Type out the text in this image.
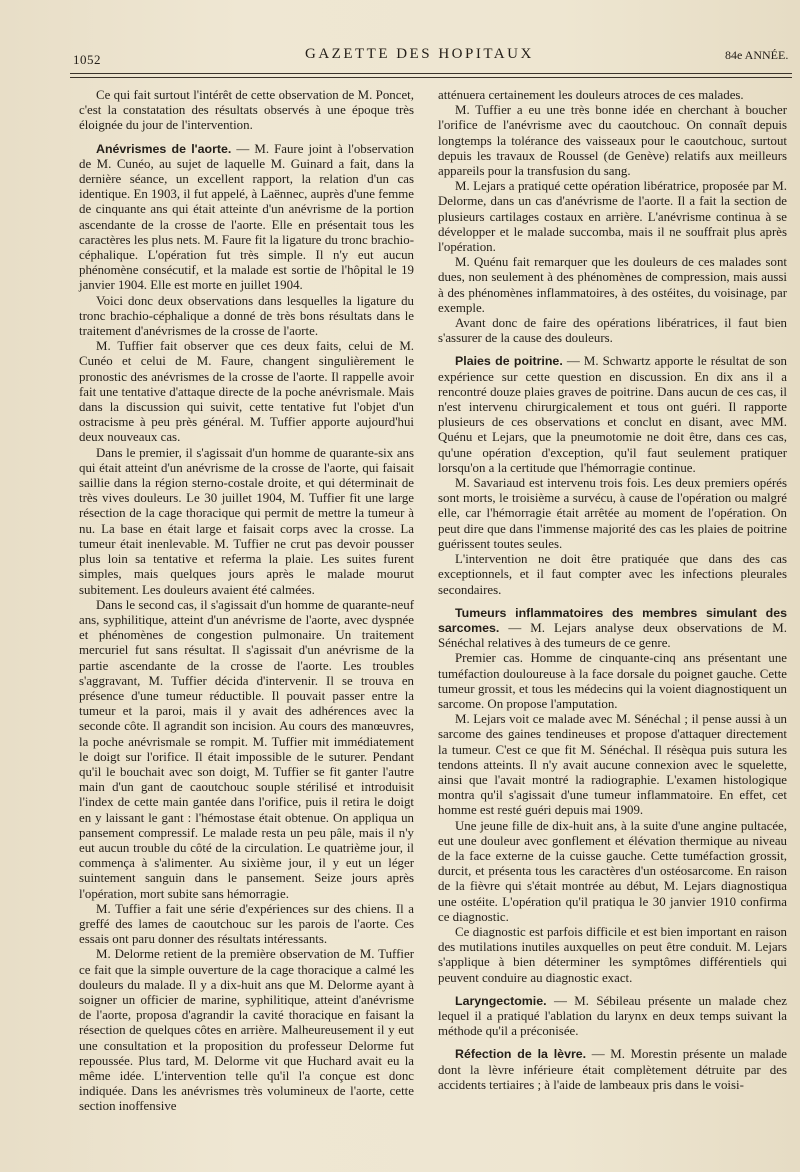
1052	GAZETTE DES HOPITAUX	84e ANNÉE.

Ce qui fait surtout l'intérêt de cette observation de M. Poncet, c'est la constatation des résultats observés à une époque très éloignée du jour de l'intervention.

Anévrismes de l'aorte. — M. Faure joint à l'observation de M. Cunéo, au sujet de laquelle M. Guinard a fait, dans la dernière séance, un excellent rapport, la relation d'un cas identique. En 1903, il fut appelé, à Laënnec, auprès d'une femme de cinquante ans qui était atteinte d'un anévrisme de la portion ascendante de la crosse de l'aorte. Elle en présentait tous les caractères les plus nets. M. Faure fit la ligature du tronc brachio-céphalique. L'opération fut très simple. Il n'y eut aucun phénomène consécutif, et la malade est sortie de l'hôpital le 19 janvier 1904. Elle est morte en juillet 1904.

Voici donc deux observations dans lesquelles la ligature du tronc brachio-céphalique a donné de très bons résultats dans le traitement d'anévrismes de la crosse de l'aorte.

M. Tuffier fait observer que ces deux faits, celui de M. Cunéo et celui de M. Faure, changent singulièrement le pronostic des anévrismes de la crosse de l'aorte. Il rappelle avoir fait une tentative d'attaque directe de la poche anévrismale. Mais dans la discussion qui suivit, cette tentative fut l'objet d'un ostracisme à peu près général. M. Tuffier apporte aujourd'hui deux nouveaux cas.

Dans le premier, il s'agissait d'un homme de quarante-six ans qui était atteint d'un anévrisme de la crosse de l'aorte, qui faisait saillie dans la région sterno-costale droite, et qui déterminait de très vives douleurs. Le 30 juillet 1904, M. Tuffier fit une large résection de la cage thoracique qui permit de mettre la tumeur à nu. La base en était large et faisait corps avec la crosse. La tumeur était inenlevable. M. Tuffier ne crut pas devoir pousser plus loin sa tentative et referma la plaie. Les suites furent simples, mais quelques jours après le malade mourut subitement. Les douleurs avaient été calmées.

Dans le second cas, il s'agissait d'un homme de quarante-neuf ans, syphilitique, atteint d'un anévrisme de l'aorte, avec dyspnée et phénomènes de congestion pulmonaire. Un traitement mercuriel fut sans résultat. Il s'agissait d'un anévrisme de la partie ascendante de la crosse de l'aorte. Les troubles s'aggravant, M. Tuffier décida d'intervenir. Il se trouva en présence d'une tumeur réductible. Il pouvait passer entre la tumeur et la paroi, mais il y avait des adhérences avec la seconde côte. Il agrandit son incision. Au cours des manœuvres, la poche anévrismale se rompit. M. Tuffier mit immédiatement le doigt sur l'orifice. Il était impossible de le suturer. Pendant qu'il le bouchait avec son doigt, M. Tuffier se fit ganter l'autre main d'un gant de caoutchouc souple stérilisé et introduisit l'index de cette main gantée dans l'orifice, puis il retira le doigt en y laissant le gant : l'hémostase était obtenue. On appliqua un pansement compressif. Le malade resta un peu pâle, mais il n'y eut aucun trouble du côté de la circulation. Le quatrième jour, il commença à s'alimenter. Au sixième jour, il y eut un léger suintement sanguin dans le pansement. Seize jours après l'opération, mort subite sans hémorragie.

M. Tuffier a fait une série d'expériences sur des chiens. Il a greffé des lames de caoutchouc sur les parois de l'aorte. Ces essais ont paru donner des résultats intéressants.

M. Delorme retient de la première observation de M. Tuffier ce fait que la simple ouverture de la cage thoracique a calmé les douleurs du malade. Il y a dix-huit ans que M. Delorme ayant à soigner un officier de marine, syphilitique, atteint d'anévrisme de l'aorte, proposa d'agrandir la cavité thoracique en faisant la résection de quelques côtes en arrière. Malheureusement il y eut une consultation et la proposition du professeur Delorme fut repoussée. Plus tard, M. Delorme vit que Huchard avait eu la même idée. L'intervention telle qu'il l'a conçue est donc indiquée. Dans les anévrismes très volumineux de l'aorte, cette section inoffensive

atténuera certainement les douleurs atroces de ces malades.

M. Tuffier a eu une très bonne idée en cherchant à boucher l'orifice de l'anévrisme avec du caoutchouc. On connaît depuis longtemps la tolérance des vaisseaux pour le caoutchouc, surtout depuis les travaux de Roussel (de Genève) relatifs aux meilleurs appareils pour la transfusion du sang.

M. Lejars a pratiqué cette opération libératrice, proposée par M. Delorme, dans un cas d'anévrisme de l'aorte. Il a fait la section de plusieurs cartilages costaux en arrière. L'anévrisme continua à se développer et le malade succomba, mais il ne souffrait plus après l'opération.

M. Quénu fait remarquer que les douleurs de ces malades sont dues, non seulement à des phénomènes de compression, mais aussi à des phénomènes inflammatoires, à des ostéites, du voisinage, par exemple.

Avant donc de faire des opérations libératrices, il faut bien s'assurer de la cause des douleurs.

Plaies de poitrine. — M. Schwartz apporte le résultat de son expérience sur cette question en discussion. En dix ans il a rencontré douze plaies graves de poitrine. Dans aucun de ces cas, il n'est intervenu chirurgicalement et tous ont guéri. Il rapporte plusieurs de ces observations et conclut en disant, avec MM. Quénu et Lejars, que la pneumotomie ne doit être, dans ces cas, qu'une opération d'exception, qu'il faut seulement pratiquer lorsqu'on a la certitude que l'hémorragie continue.

M. Savariaud est intervenu trois fois. Les deux premiers opérés sont morts, le troisième a survécu, à cause de l'opération ou malgré elle, car l'hémorragie était arrêtée au moment de l'opération. On peut dire que dans l'immense majorité des cas les plaies de poitrine guérissent toutes seules.

L'intervention ne doit être pratiquée que dans des cas exceptionnels, et il faut compter avec les infections pleurales secondaires.

Tumeurs inflammatoires des membres simulant des sarcomes. — M. Lejars analyse deux observations de M. Sénéchal relatives à des tumeurs de ce genre.

Premier cas. Homme de cinquante-cinq ans présentant une tuméfaction douloureuse à la face dorsale du poignet gauche. Cette tumeur grossit, et tous les médecins qui la voient diagnostiquent un sarcome. On propose l'amputation.

M. Lejars voit ce malade avec M. Sénéchal ; il pense aussi à un sarcome des gaines tendineuses et propose d'attaquer directement la tumeur. C'est ce que fit M. Sénéchal. Il résèqua puis sutura les tendons atteints. Il n'y avait aucune connexion avec le squelette, ainsi que l'avait montré la radiographie. L'examen histologique montra qu'il s'agissait d'une tumeur inflammatoire. En effet, cet homme est resté guéri depuis mai 1909.

Une jeune fille de dix-huit ans, à la suite d'une angine pultacée, eut une douleur avec gonflement et élévation thermique au niveau de la face externe de la cuisse gauche. Cette tuméfaction grossit, durcit, et présenta tous les caractères d'un ostéosarcome. En raison de la fièvre qui s'était montrée au début, M. Lejars diagnostiqua une ostéite. L'opération qu'il pratiqua le 30 janvier 1910 confirma ce diagnostic.

Ce diagnostic est parfois difficile et est bien important en raison des mutilations inutiles auxquelles on peut être conduit. M. Lejars s'applique à bien déterminer les symptômes différentiels qui peuvent conduire au diagnostic exact.

Laryngectomie. — M. Sébileau présente un malade chez lequel il a pratiqué l'ablation du larynx en deux temps suivant la méthode qu'il a préconisée.

Réfection de la lèvre. — M. Morestin présente un malade dont la lèvre inférieure était complètement détruite par des accidents tertiaires ; à l'aide de lambeaux pris dans le voisi-
